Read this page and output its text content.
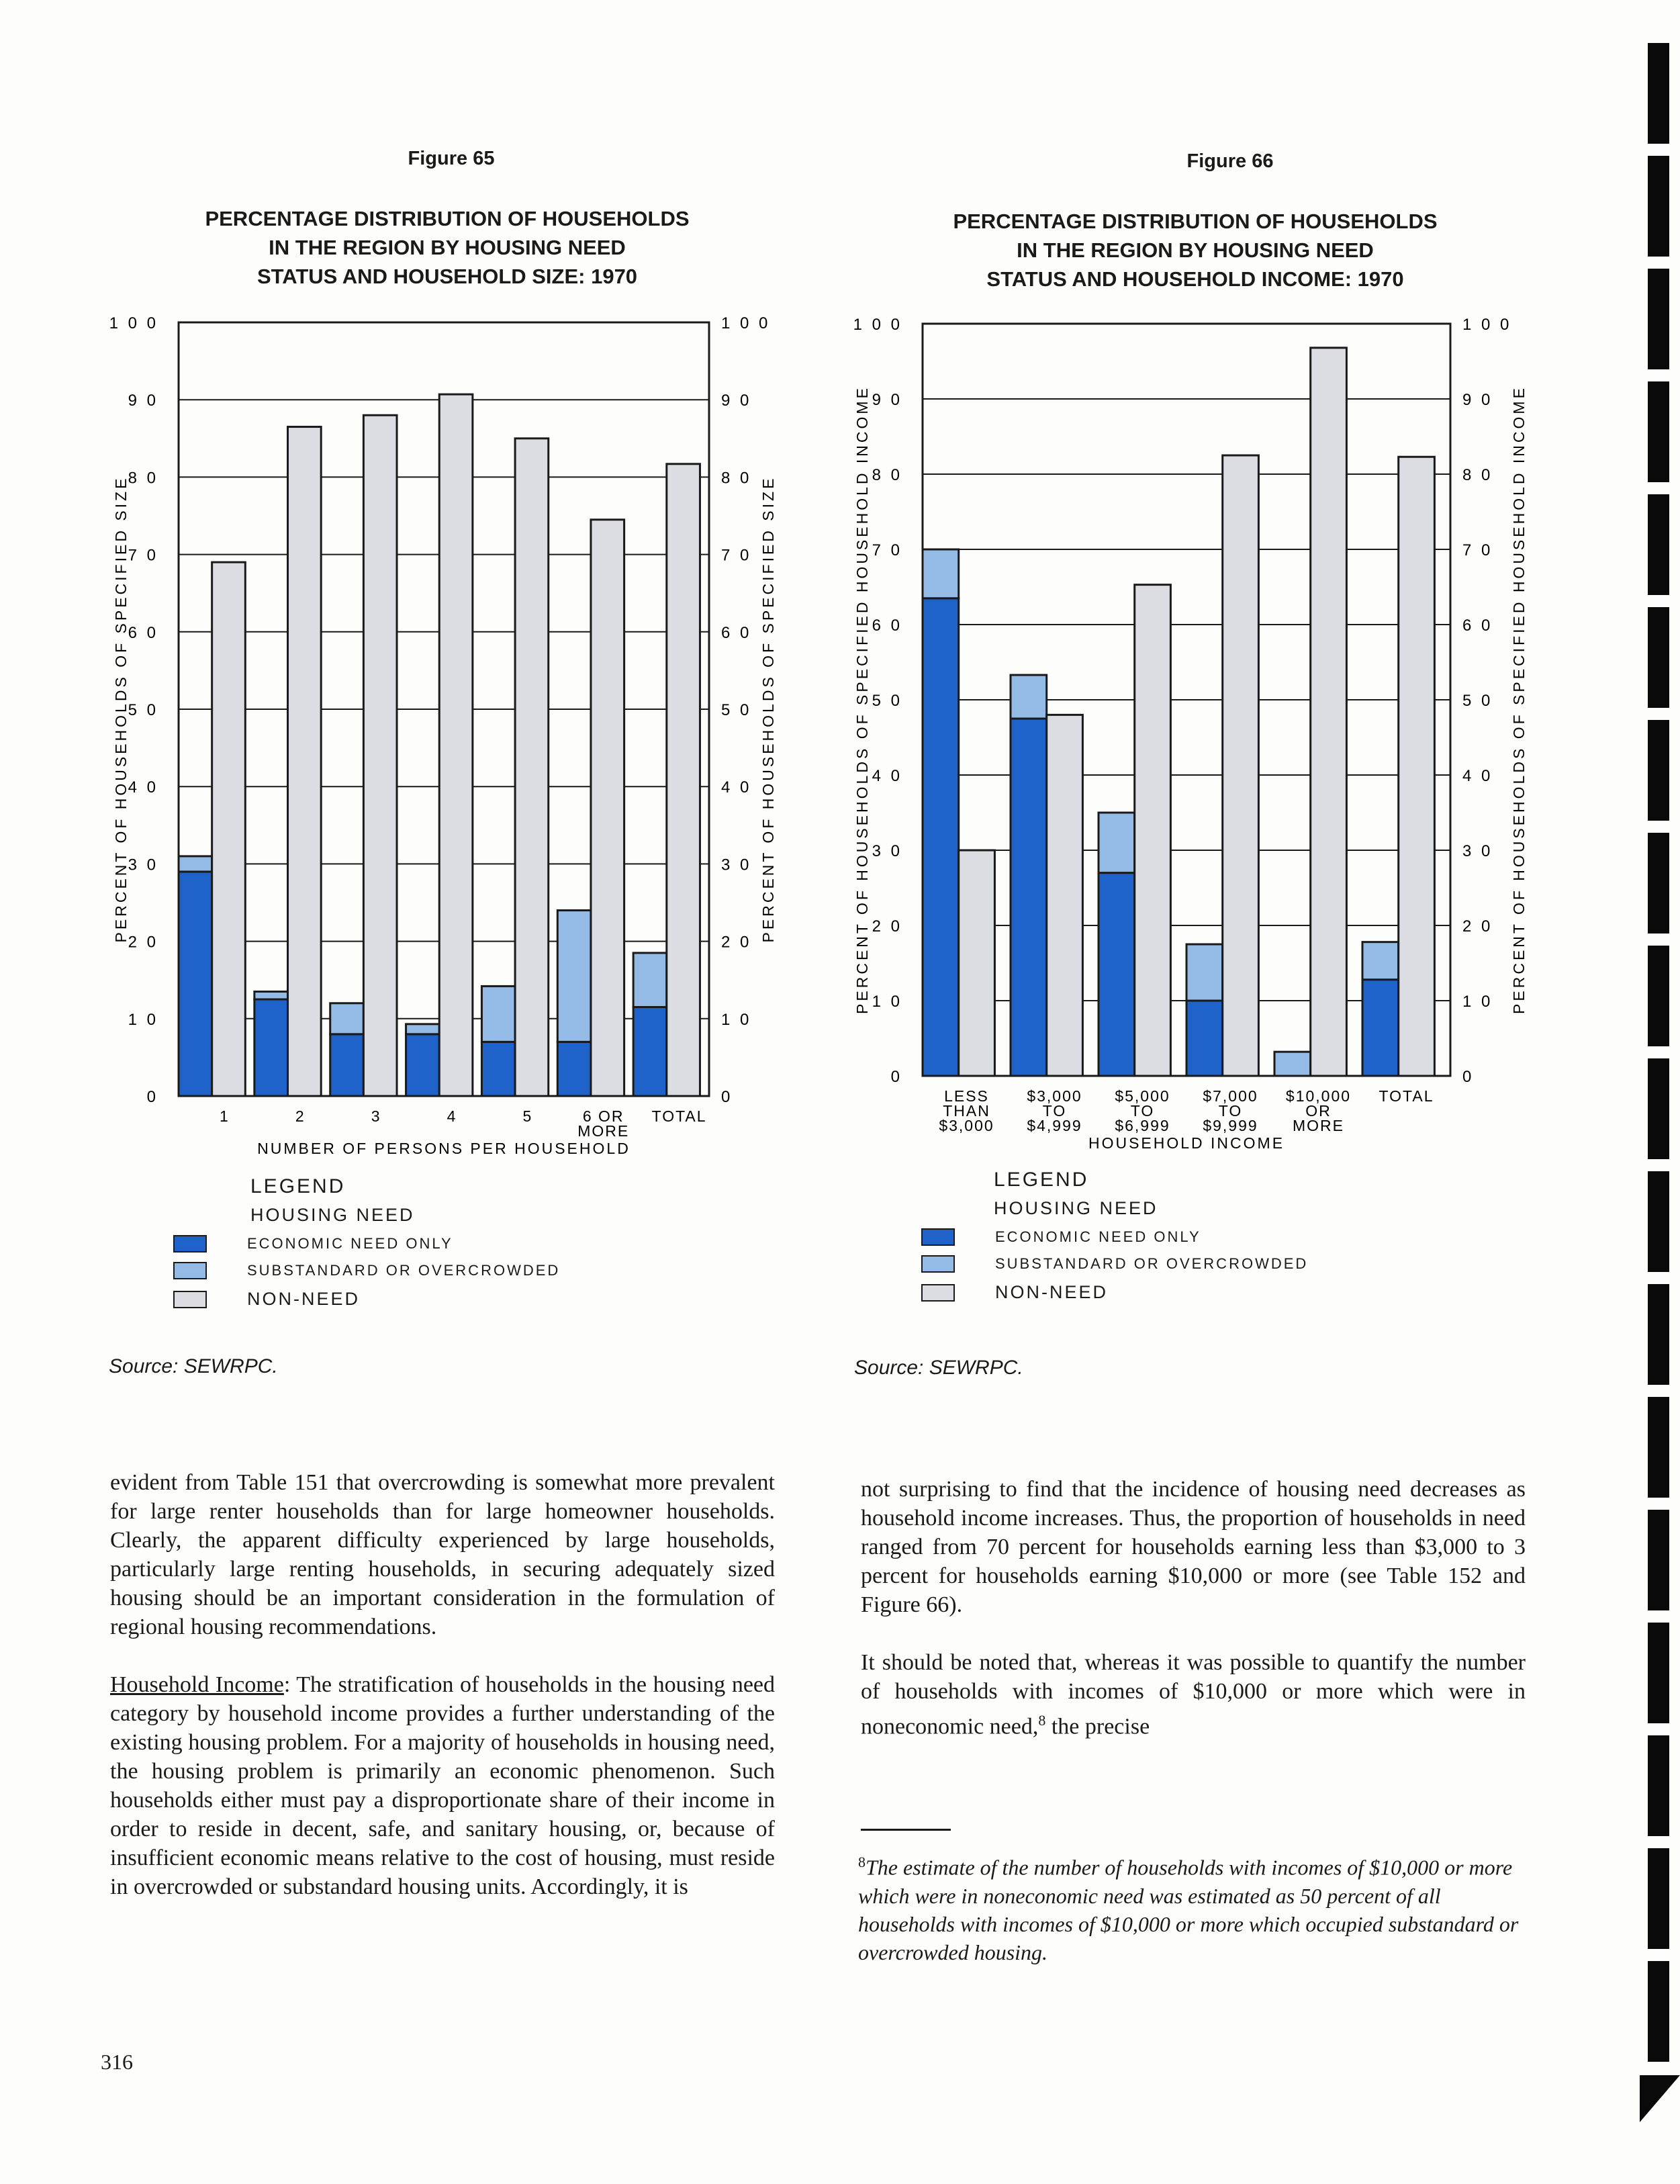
Figure 65
PERCENTAGE DISTRIBUTION OF HOUSEHOLDS
IN THE REGION BY HOUSING NEED
STATUS AND HOUSEHOLD SIZE: 1970
0	0
1 0	1 0
2 0	2 0
3 0	3 0
4 0	4 0
5 0	5 0
6 0	6 0
7 0	7 0
8 0	8 0
9 0	9 0
1 0 0	1 0 0
1	2	3	4	5	6 OR
MORE
TOTAL
NUMBER OF PERSONS PER HOUSEHOLD
PERCENT OF HOUSEHOLDS OF SPECIFIED SIZE	PERCENT OF HOUSEHOLDS OF SPECIFIED SIZE
LEGEND
HOUSING NEED
ECONOMIC NEED ONLY
SUBSTANDARD OR OVERCROWDED
NON-NEED
Source: SEWRPC.
Figure 66
PERCENTAGE DISTRIBUTION OF HOUSEHOLDS
IN THE REGION BY HOUSING NEED
STATUS AND HOUSEHOLD INCOME: 1970
0	0
1 0	1 0
2 0	2 0
3 0	3 0
4 0	4 0
5 0	5 0
6 0	6 0
7 0	7 0
8 0	8 0
9 0	9 0
1 0 0	1 0 0
LESS
THAN
$3,000
$3,000
TO
$4,999
$5,000
TO
$6,999
$7,000
TO
$9,999
$10,000
OR
MORE
TOTAL
HOUSEHOLD INCOME
PERCENT OF HOUSEHOLDS OF SPECIFIED HOUSEHOLD INCOME	PERCENT OF HOUSEHOLDS OF SPECIFIED HOUSEHOLD INCOME
LEGEND
HOUSING NEED
ECONOMIC NEED ONLY
SUBSTANDARD OR OVERCROWDED
NON-NEED
Source: SEWRPC.

evident from Table 151 that overcrowding is somewhat more prevalent for large renter households than for large homeowner households. Clearly, the apparent difficulty experienced by large households, particularly large renting households, in securing adequately sized housing should be an important consideration in the formulation of regional housing recommendations.

Household Income: The stratification of households in the housing need category by household income provides a further understanding of the existing housing problem. For a majority of households in housing need, the housing problem is primarily an economic phenomenon. Such households either must pay a disproportionate share of their income in order to reside in decent, safe, and sanitary housing, or, because of insufficient economic means relative to the cost of housing, must reside in overcrowded or substandard housing units. Accordingly, it is

not surprising to find that the incidence of housing need decreases as household income increases. Thus, the proportion of households in need ranged from 70 percent for households earning less than $3,000 to 3 percent for households earning $10,000 or more (see Table 152 and Figure 66).

It should be noted that, whereas it was possible to quantify the number of households with incomes of $10,000 or more which were in noneconomic need,$^8$ the precise

$^8$The estimate of the number of households with incomes of $10,000 or more which were in noneconomic need was estimated as 50 percent of all households with incomes of $10,000 or more which occupied substandard or overcrowded housing.
316
